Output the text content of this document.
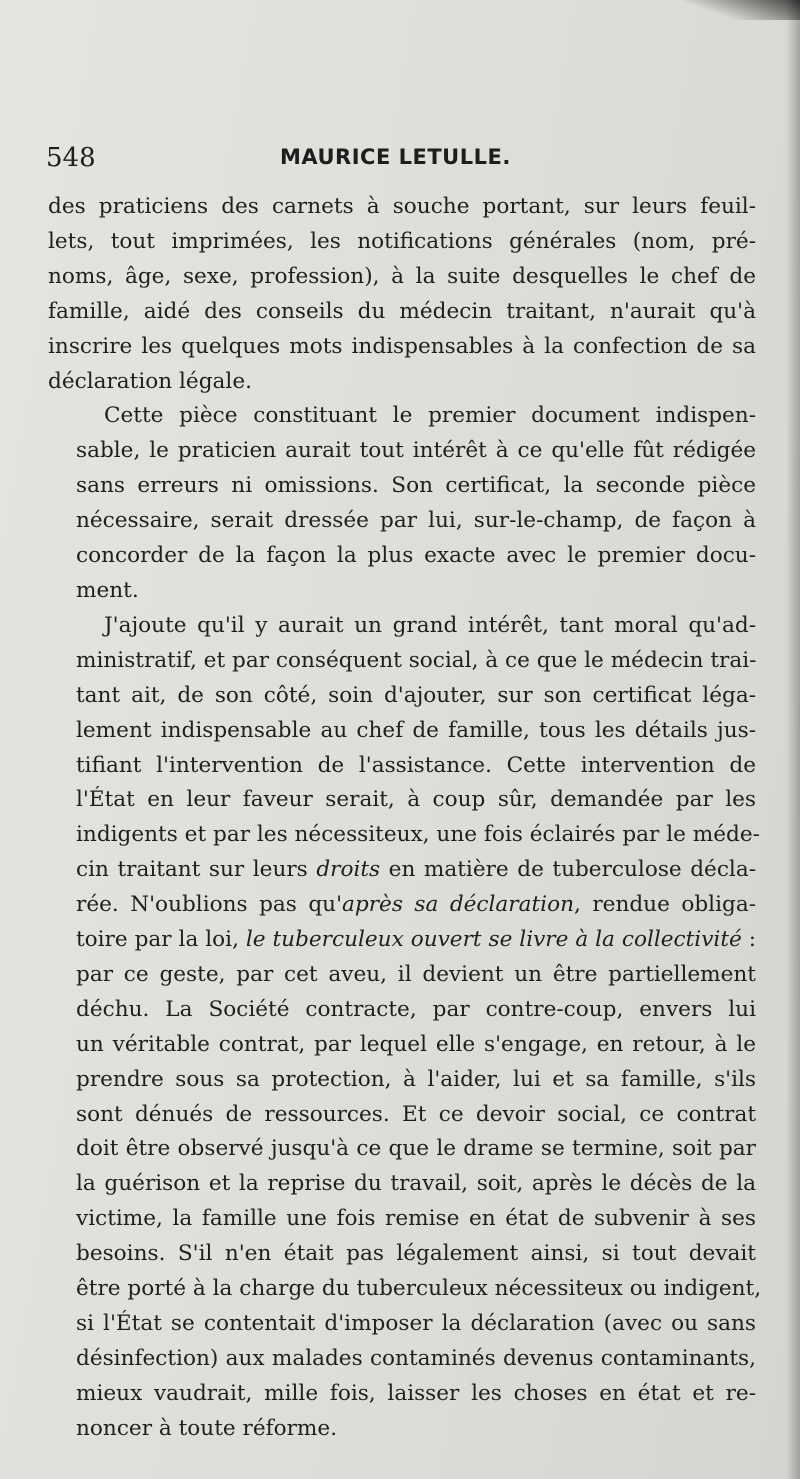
548	MAURICE LETULLE.
des praticiens des carnets à souche portant, sur leurs feuil-
lets, tout imprimées, les notifications générales (nom, pré-
noms, âge, sexe, profession), à la suite desquelles le chef de
famille, aidé des conseils du médecin traitant, n'aurait qu'à
inscrire les quelques mots indispensables à la confection de sa
déclaration légale.
Cette pièce constituant le premier document indispen-
sable, le praticien aurait tout intérêt à ce qu'elle fût rédigée
sans erreurs ni omissions. Son certificat, la seconde pièce
nécessaire, serait dressée par lui, sur-le-champ, de façon à
concorder de la façon la plus exacte avec le premier docu-
ment.
J'ajoute qu'il y aurait un grand intérêt, tant moral qu'ad-
ministratif, et par conséquent social, à ce que le médecin trai-
tant ait, de son côté, soin d'ajouter, sur son certificat léga-
lement indispensable au chef de famille, tous les détails jus-
tifiant l'intervention de l'assistance. Cette intervention de
l'État en leur faveur serait, à coup sûr, demandée par les
indigents et par les nécessiteux, une fois éclairés par le méde-
cin traitant sur leurs droits en matière de tuberculose décla-
rée. N'oublions pas qu'après sa déclaration, rendue obliga-
toire par la loi, le tuberculeux ouvert se livre à la collectivité :
par ce geste, par cet aveu, il devient un être partiellement
déchu. La Société contracte, par contre-coup, envers lui
un véritable contrat, par lequel elle s'engage, en retour, à le
prendre sous sa protection, à l'aider, lui et sa famille, s'ils
sont dénués de ressources. Et ce devoir social, ce contrat
doit être observé jusqu'à ce que le drame se termine, soit par
la guérison et la reprise du travail, soit, après le décès de la
victime, la famille une fois remise en état de subvenir à ses
besoins. S'il n'en était pas légalement ainsi, si tout devait
être porté à la charge du tuberculeux nécessiteux ou indigent,
si l'État se contentait d'imposer la déclaration (avec ou sans
désinfection) aux malades contaminés devenus contaminants,
mieux vaudrait, mille fois, laisser les choses en état et re-
noncer à toute réforme.
